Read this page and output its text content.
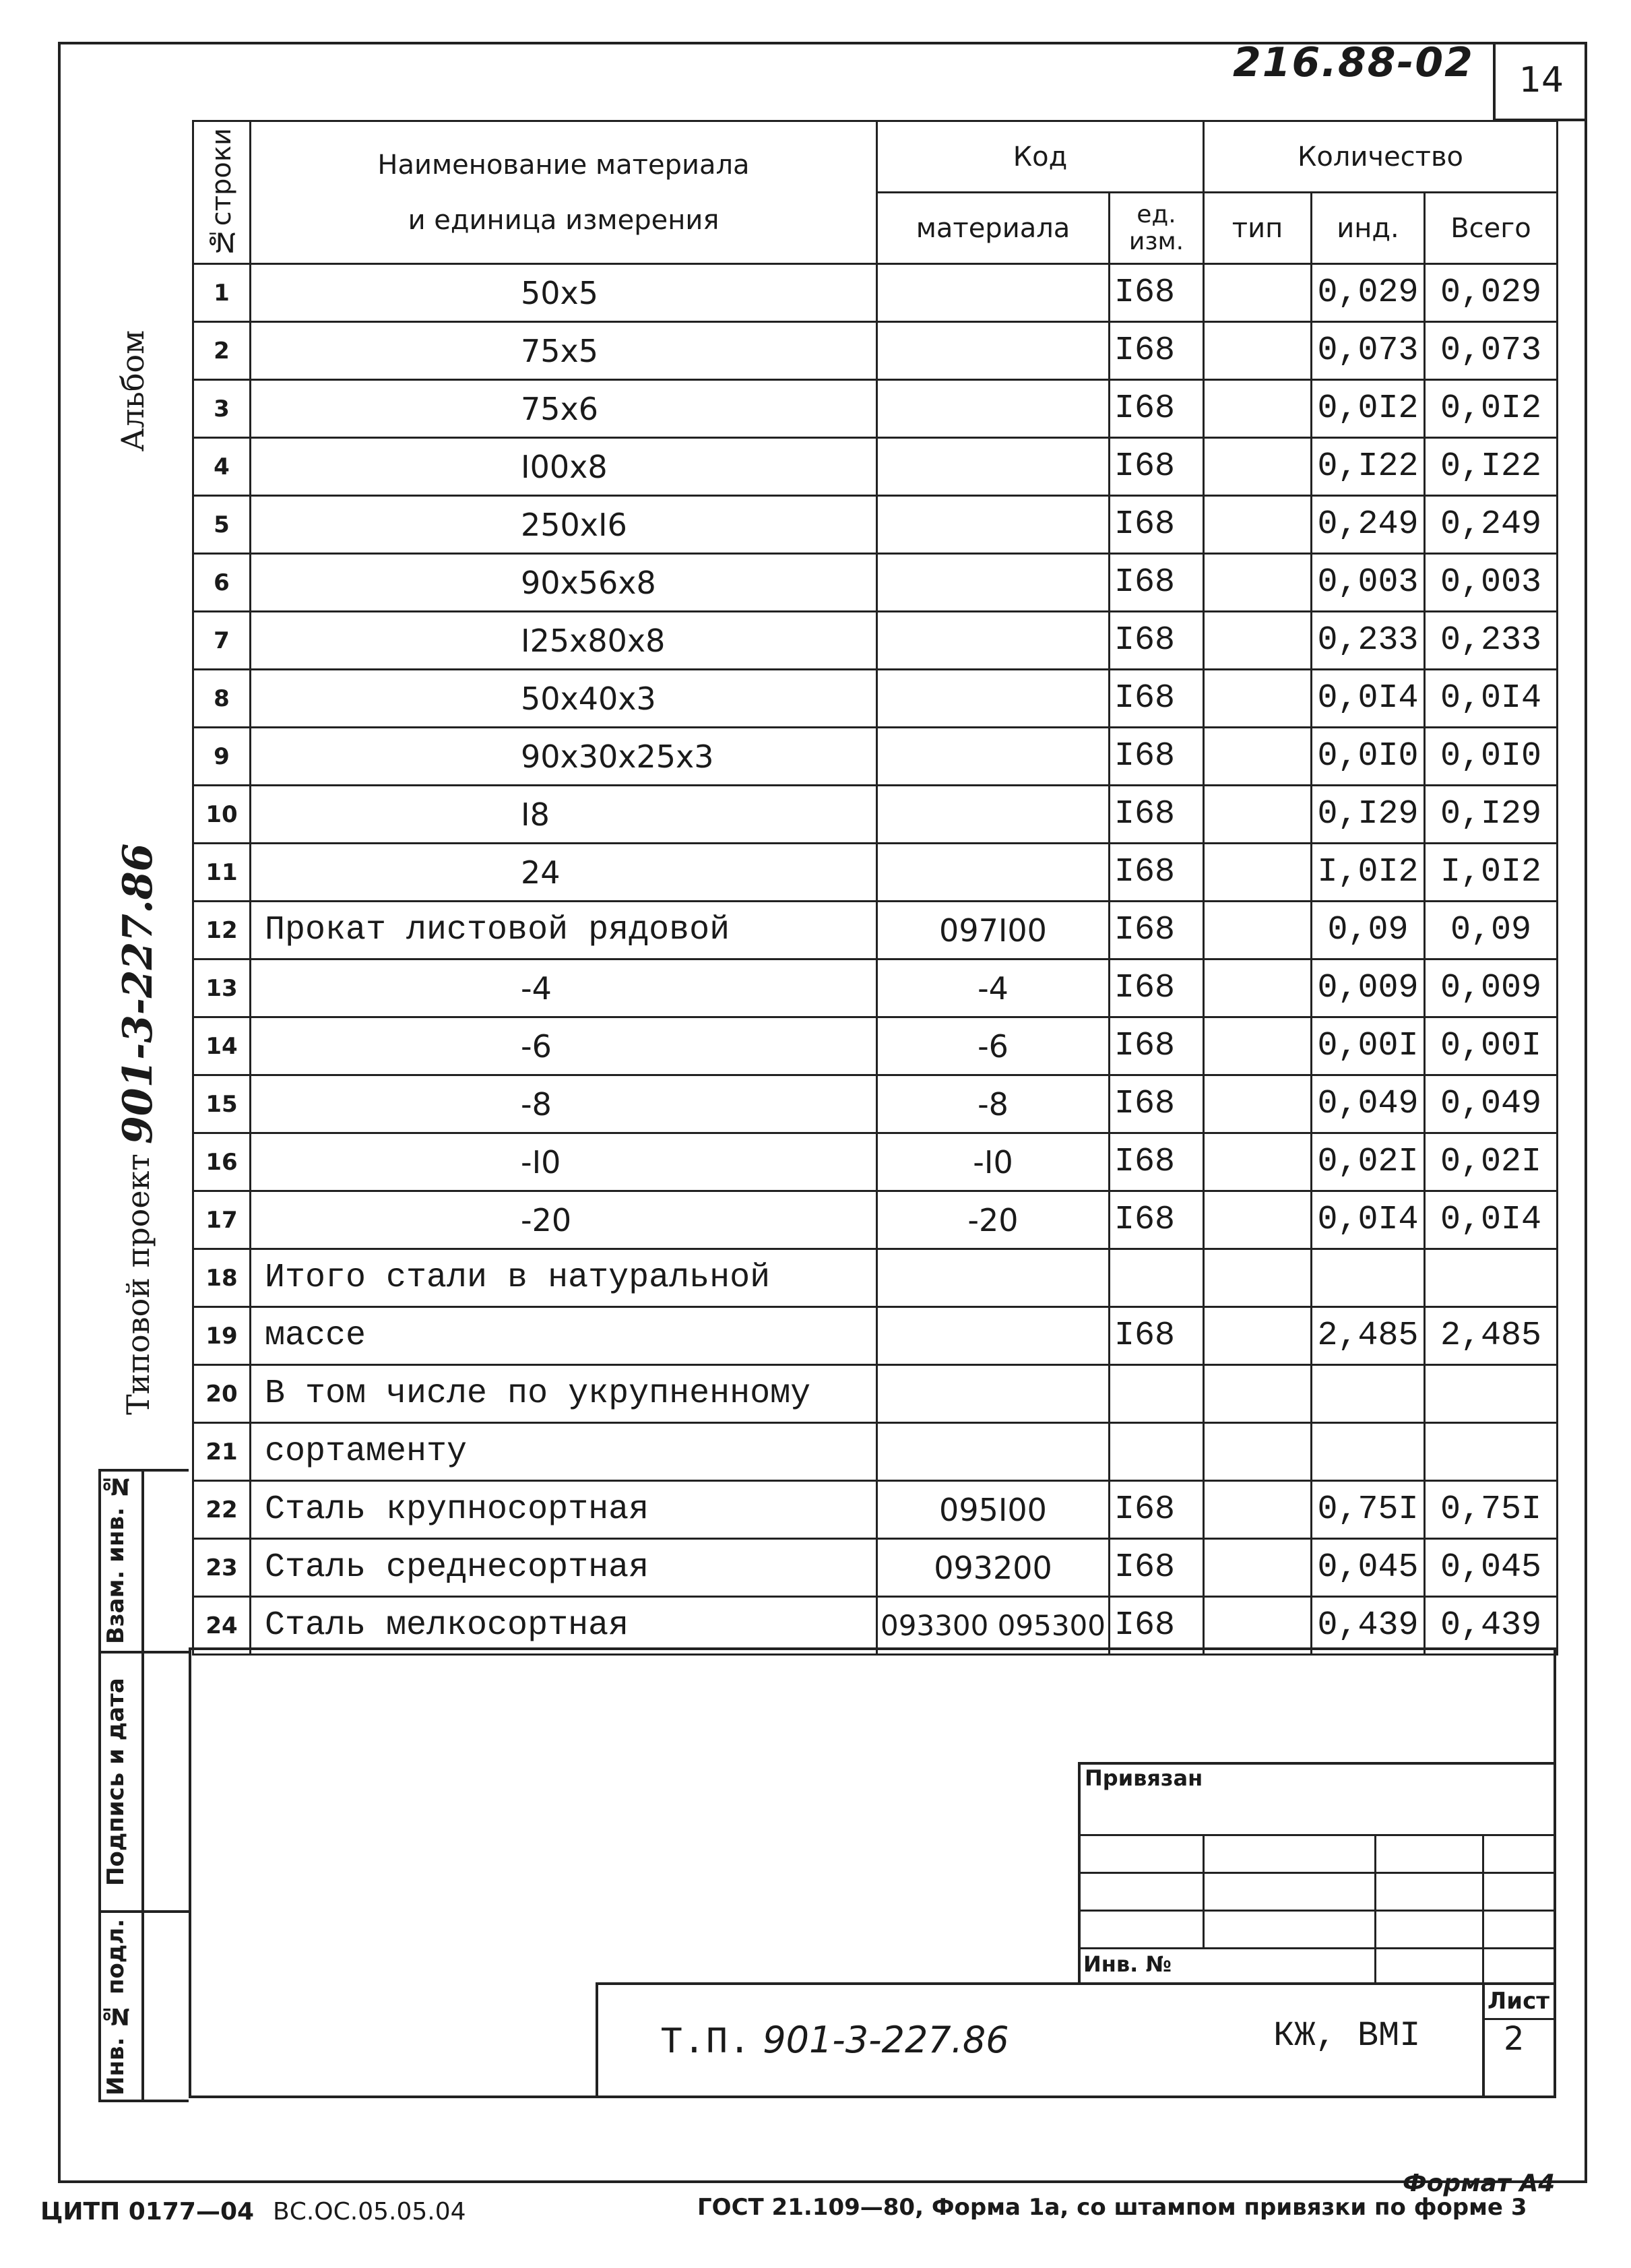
216.88-02	14
Альбом
Типовой проект
901-3-227.86
Взам. инв. №
Подпись и дата
Инв. № подл.
№строки	Наименование материала
и единица измерения	Код		Количество		
		материала	ед. изм.	тип	инд.	Всего
1	50x5		I68		0,029	0,029
2	75x5		I68		0,073	0,073
3	75x6		I68		0,0I2	0,0I2
4	I00x8		I68		0,I22	0,I22
5	250xI6		I68		0,249	0,249
6	90x56x8		I68		0,003	0,003
7	I25x80x8		I68		0,233	0,233
8	50x40x3		I68		0,0I4	0,0I4
9	90x30x25x3		I68		0,0I0	0,0I0
10	I8		I68		0,I29	0,I29
11	24		I68		I,0I2	I,0I2
12	Прокат листовой рядовой	097I00	I68		0,09	0,09
13	-4	-4	I68		0,009	0,009
14	-6	-6	I68		0,00I	0,00I
15	-8	-8	I68		0,049	0,049
16	-I0	-I0	I68		0,02I	0,02I
17	-20	-20	I68		0,0I4	0,0I4
18	Итого стали в натуральной					
19	массе		I68		2,485	2,485
20	В том числе по укрупненному					
21	сортаменту					
22	Сталь крупносортная	095I00	I68		0,75I	0,75I
23	Сталь среднесортная	093200	I68		0,045	0,045
24	Сталь мелкосортная	093300 095300	I68		0,439	0,439
Привязан
Инв. №
Т.П. 901-3-227.86	КЖ, ВМI
Лист
2
Формат А4
ЦИТП 0177—04 ВС.ОС.05.05.04	ГОСТ 21.109—80, Форма 1а, со штампом привязки по форме 3
